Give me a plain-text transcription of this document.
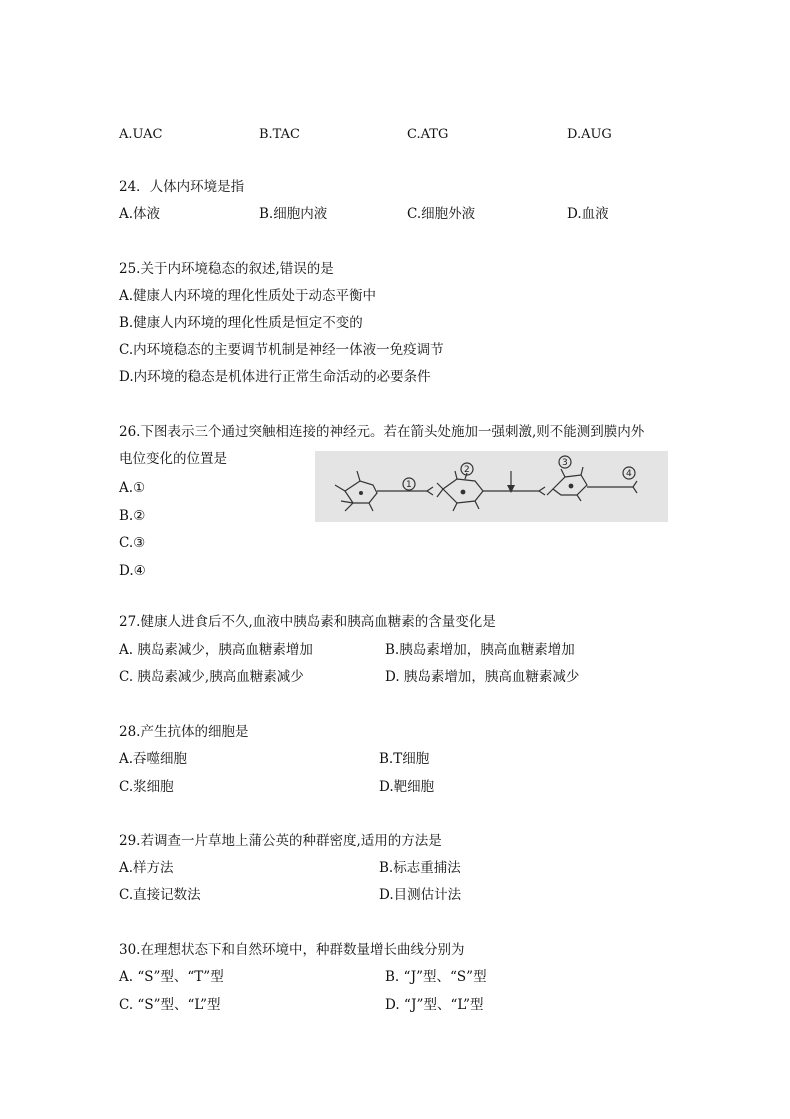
A.UAC	B.TAC	C.ATG	D.AUG
24．人体内环境是指
A.体液	B.细胞内液	C.细胞外液	D.血液
25.关于内环境稳态的叙述,错误的是
A.健康人内环境的理化性质处于动态平衡中
B.健康人内环境的理化性质是恒定不变的
C.内环境稳态的主要调节机制是神经一体液一免疫调节
D.内环境的稳态是机体进行正常生命活动的必要条件
26.下图表示三个通过突触相连接的神经元。若在箭头处施加一强刺激,则不能测到膜内外
电位变化的位置是
A.①
B.②
C.③
D.④
1
2
3
4
27.健康人进食后不久,血液中胰岛素和胰高血糖素的含量变化是
A. 胰岛素减少，胰高血糖素增加	B.胰岛素增加，胰高血糖素增加
C. 胰岛素减少,胰高血糖素减少	D. 胰岛素增加，胰高血糖素减少
28.产生抗体的细胞是
A.吞噬细胞	B.T细胞
C.浆细胞	D.靶细胞
29.若调查一片草地上蒲公英的种群密度,适用的方法是
A.样方法	B.标志重捕法
C.直接记数法	D.目测估计法
30.在理想状态下和自然环境中，种群数量增长曲线分别为
A. “S”型、“T”型	B. “J”型、“S”型
C. “S”型、“L”型	D. “J”型、“L”型
